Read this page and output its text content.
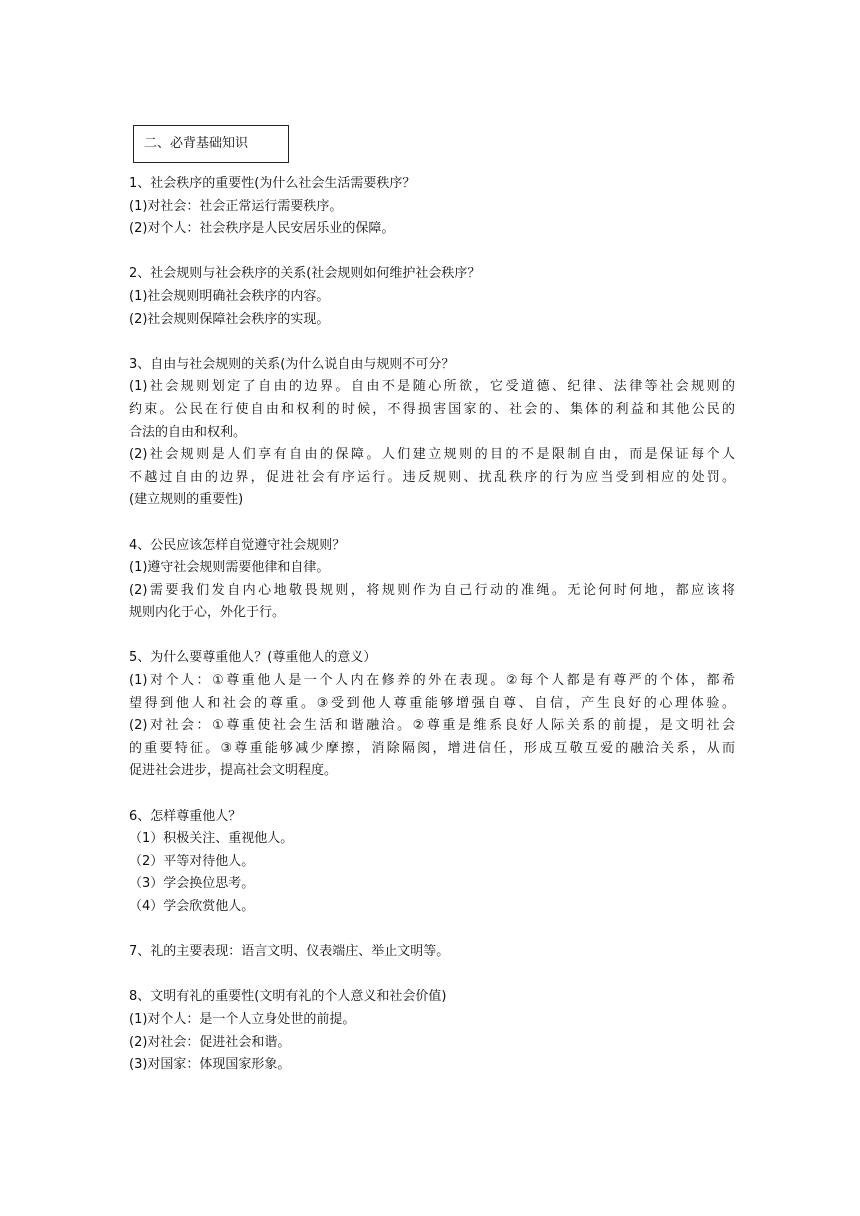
二、必背基础知识
1、社会秩序的重要性(为什么社会生活需要秩序？
(1)对社会：社会正常运行需要秩序。
(2)对个人：社会秩序是人民安居乐业的保障。
2、社会规则与社会秩序的关系(社会规则如何维护社会秩序？
(1)社会规则明确社会秩序的内容。
(2)社会规则保障社会秩序的实现。
3、自由与社会规则的关系(为什么说自由与规则不可分？
(1)社会规则划定了自由的边界。自由不是随心所欲，它受道德、纪律、法律等社会规则的
约束。公民在行使自由和权利的时候，不得损害国家的、社会的、集体的利益和其他公民的
合法的自由和权利。
(2)社会规则是人们享有自由的保障。人们建立规则的目的不是限制自由，而是保证每个人
不越过自由的边界，促进社会有序运行。违反规则、扰乱秩序的行为应当受到相应的处罚。
(建立规则的重要性)
4、公民应该怎样自觉遵守社会规则？
(1)遵守社会规则需要他律和自律。
(2)需要我们发自内心地敬畏规则，将规则作为自己行动的准绳。无论何时何地，都应该将
规则内化于心，外化于行。
5、为什么要尊重他人？(尊重他人的意义）
(1)对个人：①尊重他人是一个人内在修养的外在表现。②每个人都是有尊严的个体，都希
望得到他人和社会的尊重。③受到他人尊重能够增强自尊、自信，产生良好的心理体验。
(2)对社会：①尊重使社会生活和谐融洽。②尊重是维系良好人际关系的前提，是文明社会
的重要特征。③尊重能够减少摩擦，消除隔阂，增进信任，形成互敬互爱的融洽关系，从而
促进社会进步，提高社会文明程度。
6、怎样尊重他人？
（1）积极关注、重视他人。
（2）平等对待他人。
（3）学会换位思考。
（4）学会欣赏他人。
7、礼的主要表现：语言文明、仪表端庄、举止文明等。
8、文明有礼的重要性(文明有礼的个人意义和社会价值)
(1)对个人：是一个人立身处世的前提。
(2)对社会：促进社会和谐。
(3)对国家：体现国家形象。
